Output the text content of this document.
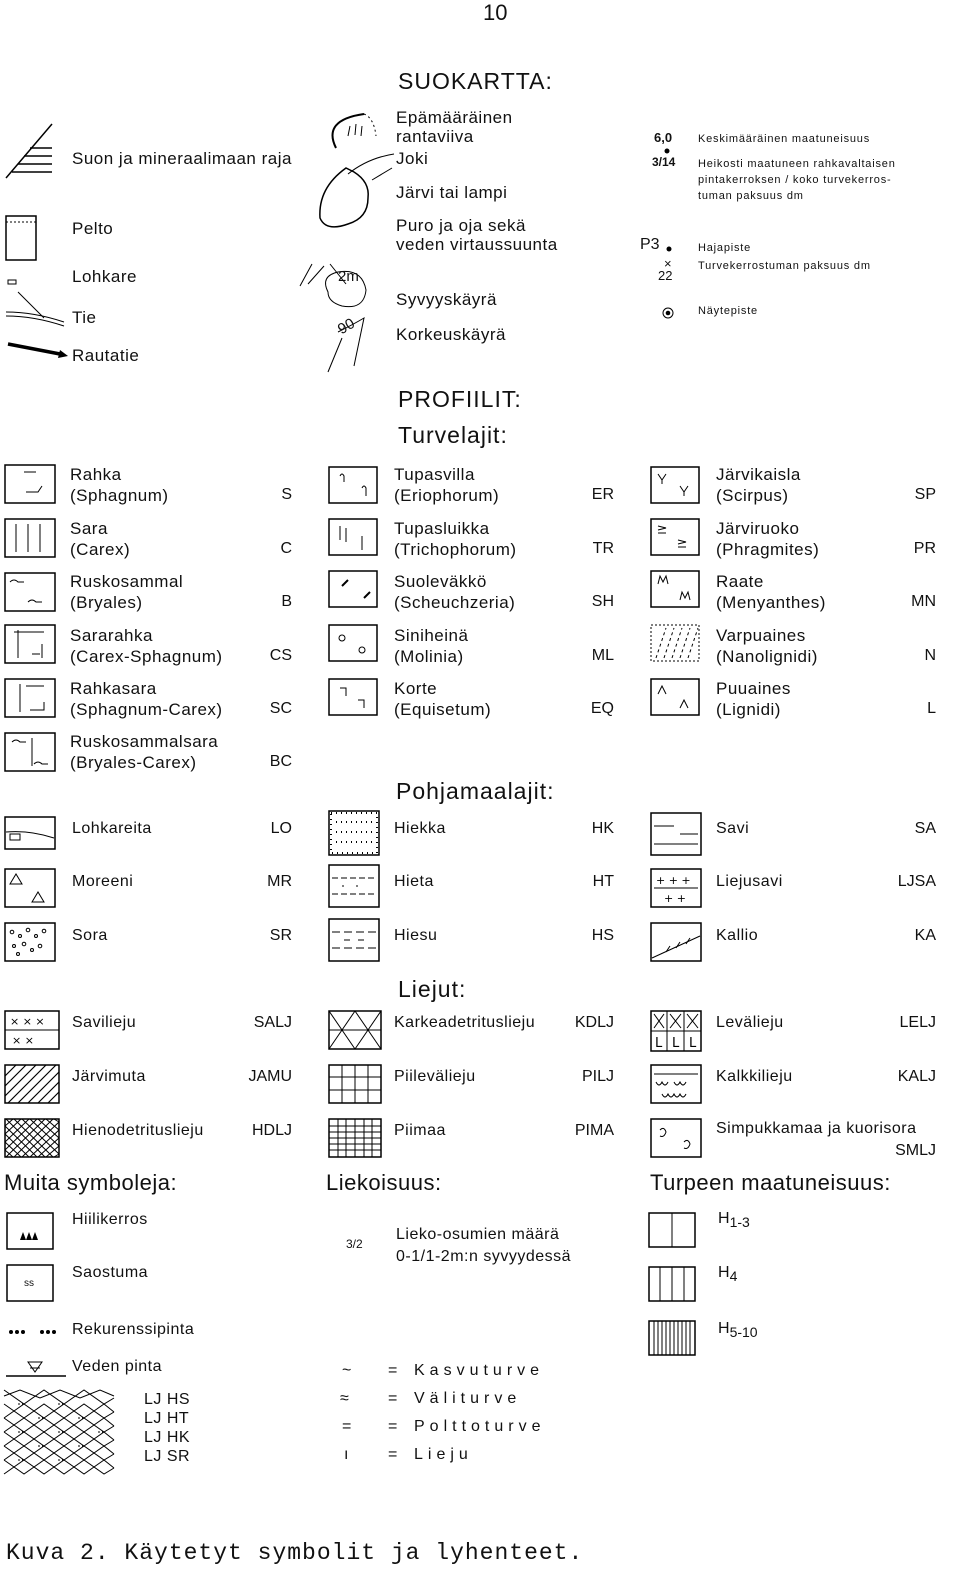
10
SUOKARTTA:
Suon ja mineraalimaan raja
Pelto
Lohkare
Tie
Rautatie
2m
90
Epämääräinen
rantaviiva
Joki
Järvi tai lampi
Puro ja oja sekä
veden virtaussuunta
Syvyyskäyrä
Korkeuskäyrä
6,0 Keskimääräinen maatuneisuus
3/14 Heikosti maatuneen rahkavaltaisen
pintakerroksen / koko turvekerros-
tuman paksuus dm
P3	Hajapiste
×
22
Turvekerrostuman paksuus dm
Näytepiste
PROFIILIT:
Turvelajit:
Rahka
(Sphagnum)	S
Sara
(Carex)	C
Ruskosammal
(Bryales)	B
Sararahka
(Carex-Sphagnum)	CS
Rahkasara
(Sphagnum-Carex)	SC
Ruskosammalsara
(Bryales-Carex)	BC
Tupasvilla
(Eriophorum)	ER
Tupasluikka
(Trichophorum)	TR
Suoleväkkö
(Scheuchzeria)	SH
Siniheinä
(Molinia)	ML
Korte
(Equisetum)	EQ
Järvikaisla
(Scirpus)	SP
Järviruoko
(Phragmites)	PR
Raate
(Menyanthes)	MN
Varpuaines
(Nanolignidi)	N
Puuaines
(Lignidi)	L
Pohjamaalajit:
Lohkareita	LO
Moreeni	MR
Sora	SR
Hiekka	HK
Hieta	HT
Hiesu	HS
+ + +
+ +
Savi	SA
Liejusavi	LJSA
Kallio	KA
Liejut:
× × ×
× ×
Savilieju	SALJ
Järvimuta	JAMU
Hienodetrituslieju	HDLJ
Karkeadetrituslieju	KDLJ
Piilevälieju	PILJ
Piimaa	PIMA
L L L
Levälieju	LELJ
Kalkkilieju	KALJ
Simpukkamaa ja kuorisora
SMLJ
Muita symboleja:	Liekoisuus:	Turpeen maatuneisuus:
Hiilikerros
ss
Saostuma
Rekurenssipinta
Veden pinta
LJ HS
LJ HT
LJ HK
LJ SR
3/2
Lieko-osumien määrä
0-1/1-2m:n syvyydessä
$H_{1-3}$
$H_4$
$H_{5-10}$
~ = Kasvuturve
≈ = Väliturve
= = Polttoturve
ı = Lieju
Kuva 2. Käytetyt symbolit ja lyhenteet.
